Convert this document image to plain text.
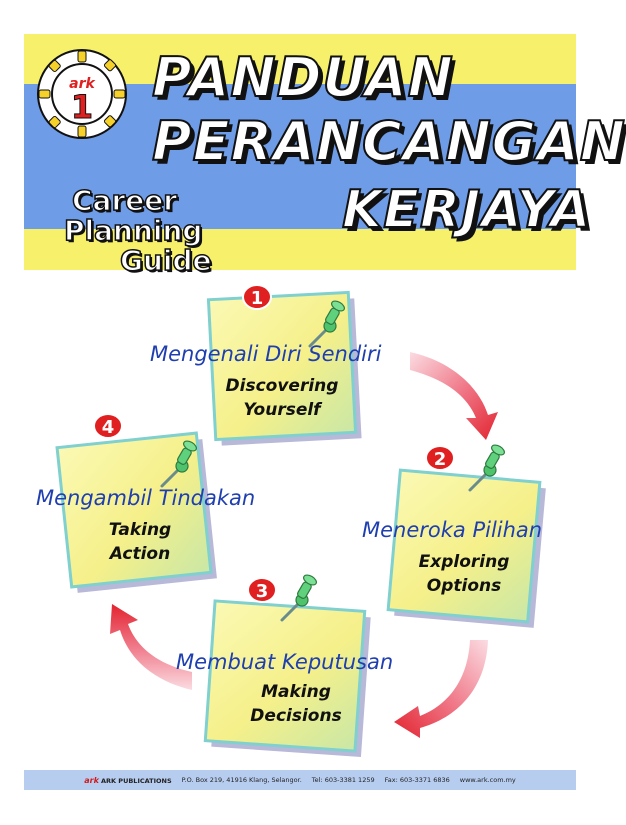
ark
1 PANDUAN
PERANCANGAN
KERJAYA
Career
Planning
Guide
1
2
3
4
Mengenali Diri Sendiri
Discovering
Yourself
Meneroka Pilihan
Exploring
Options
Membuat Keputusan
Making
Decisions
Mengambil Tindakan
Taking
Action
ark ARK PUBLICATIONS P.O. Box 219, 41916 Klang, Selangor. Tel: 603-3381 1259 Fax: 603-3371 6836 www.ark.com.my
